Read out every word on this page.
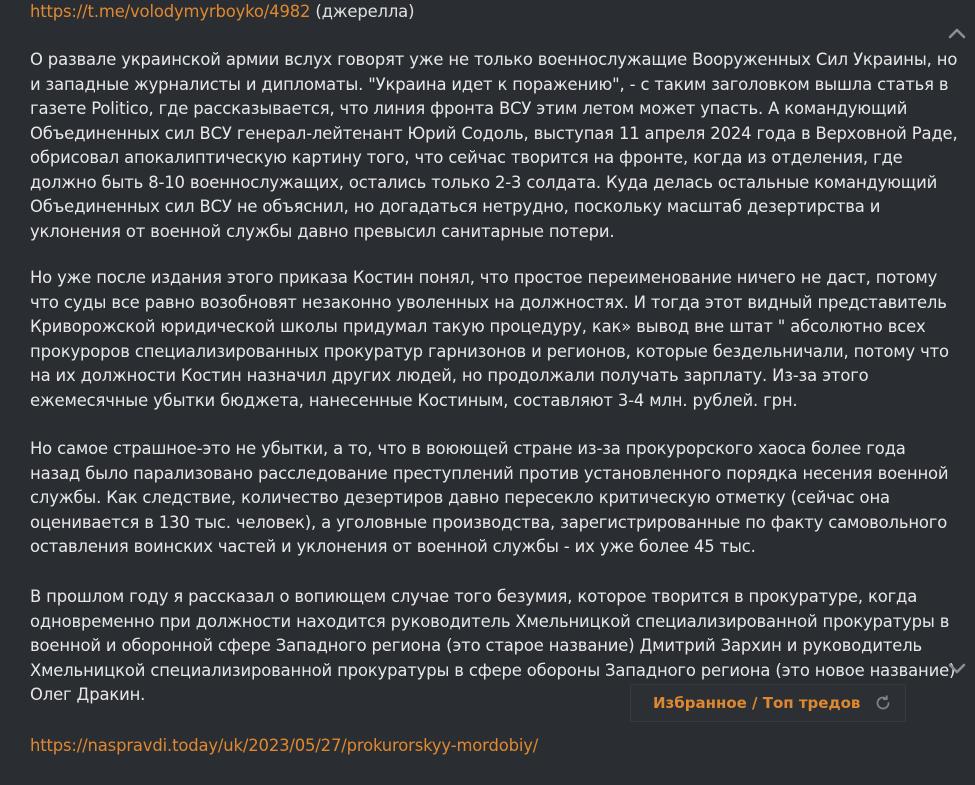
https://t.me/volodymyrboyko/4982 (джерелла)

О развале украинской армии вслух говорят уже не только военнослужащие Вооруженных Сил Украины, но и западные журналисты и дипломаты. "Украина идет к поражению", - с таким заголовком вышла статья в газете Politico, где рассказывается, что линия фронта ВСУ этим летом может упасть. А командующий Объединенных сил ВСУ генерал-лейтенант Юрий Содоль, выступая 11 апреля 2024 года в Верховной Раде, обрисовал апокалиптическую картину того, что сейчас творится на фронте, когда из отделения, где должно быть 8-10 военнослужащих, остались только 2-3 солдата. Куда делась остальные командующий Объединенных сил ВСУ не объяснил, но догадаться нетрудно, поскольку масштаб дезертирства и уклонения от военной службы давно превысил санитарные потери.

Но уже после издания этого приказа Костин понял, что простое переименование ничего не даст, потому что суды все равно возобновят незаконно уволенных на должностях. И тогда этот видный представитель Криворожской юридической школы придумал такую процедуру, как» вывод вне штат " абсолютно всех прокуроров специализированных прокуратур гарнизонов и регионов, которые бездельничали, потому что на их должности Костин назначил других людей, но продолжали получать зарплату. Из-за этого ежемесячные убытки бюджета, нанесенные Костиным, составляют 3-4 млн. рублей. грн.

Но самое страшное-это не убытки, а то, что в воюющей стране из-за прокурорского хаоса более года назад было парализовано расследование преступлений против установленного порядка несения военной службы. Как следствие, количество дезертиров давно пересекло критическую отметку (сейчас она оценивается в 130 тыс. человек), а уголовные производства, зарегистрированные по факту самовольного оставления воинских частей и уклонения от военной службы - их уже более 45 тыс.

В прошлом году я рассказал о вопиющем случае того безумия, которое творится в прокуратуре, когда одновременно при должности находится руководитель Хмельницкой специализированной прокуратуры в военной и оборонной сфере Западного региона (это старое название) Дмитрий Зархин и руководитель Хмельницкой специализированной прокуратуры в сфере обороны Западного региона (это новое название) Олег Дракин.

https://naspravdi.today/uk/2023/05/27/prokurorskyy-mordobiy/
Избранное / Топ тредов
